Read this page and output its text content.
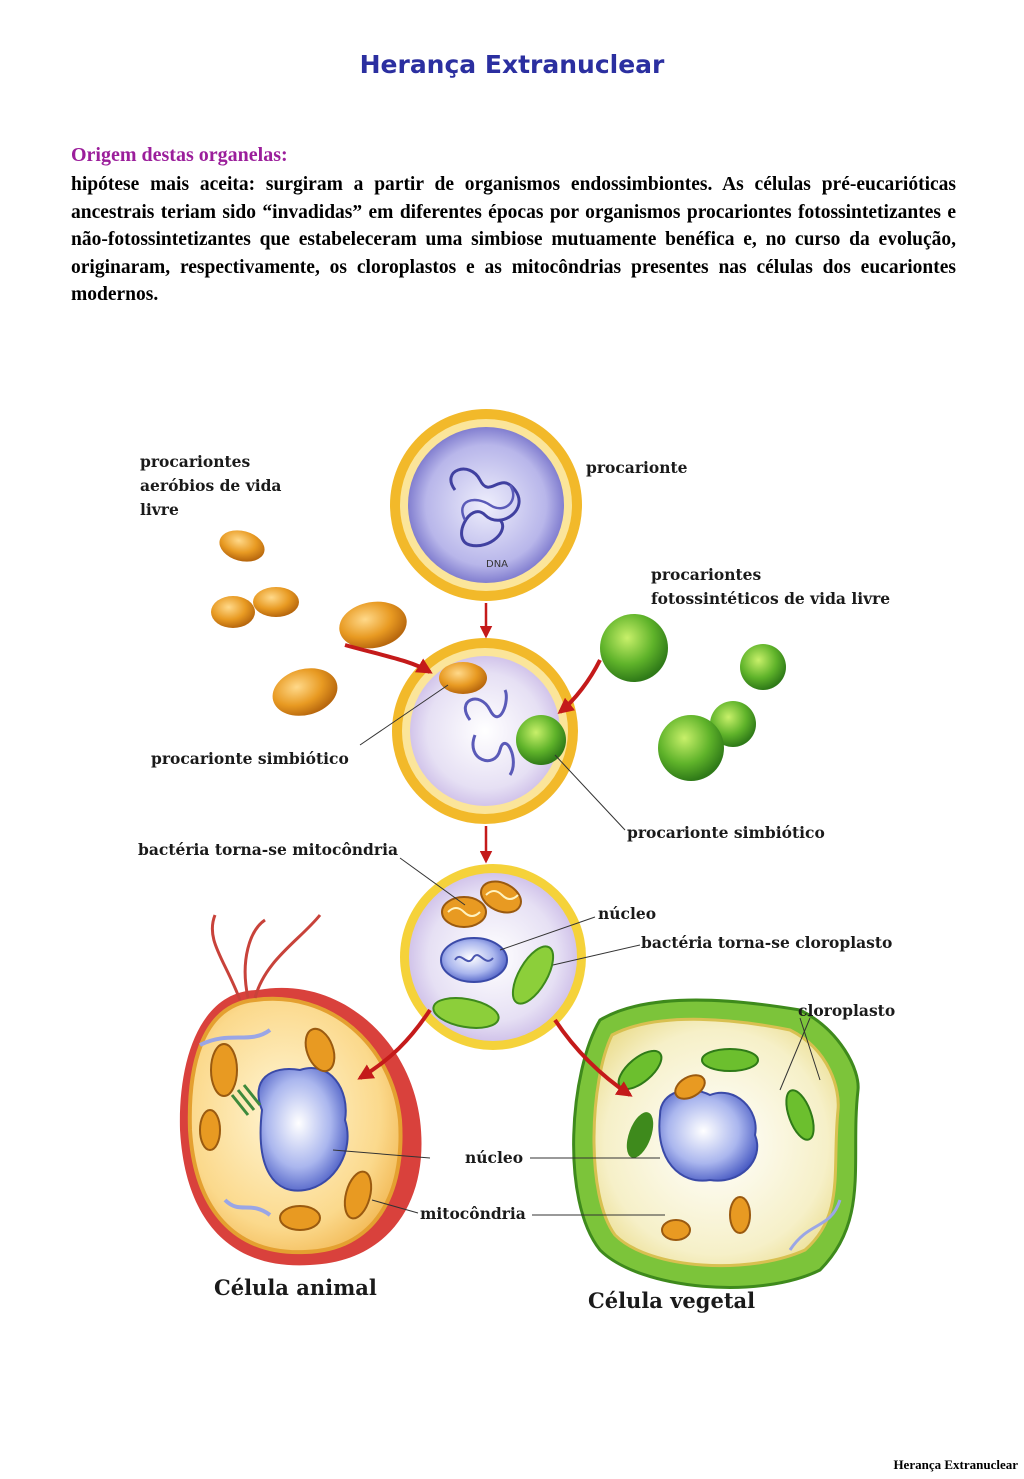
Herança Extranuclear
Origem destas organelas:
hipótese mais aceita: surgiram a partir de organismos endossimbiontes. As células pré-eucarióticas ancestrais teriam sido “invadidas” em diferentes épocas por organismos procariontes fotossintetizantes e não-fotossintetizantes que estabeleceram uma simbiose mutuamente benéfica e, no curso da evolução, originaram, respectivamente, os cloroplastos e as mitocôndrias presentes nas células dos eucariontes modernos.
DNA
procariontes
aeróbios de vida
livre
procarionte
procariontes
fotossintéticos de vida livre
procarionte simbiótico
procarionte simbiótico
bactéria torna-se mitocôndria
núcleo
bactéria torna-se cloroplasto
cloroplasto
núcleo
mitocôndria
Célula animal
Célula vegetal
Herança Extranuclear
